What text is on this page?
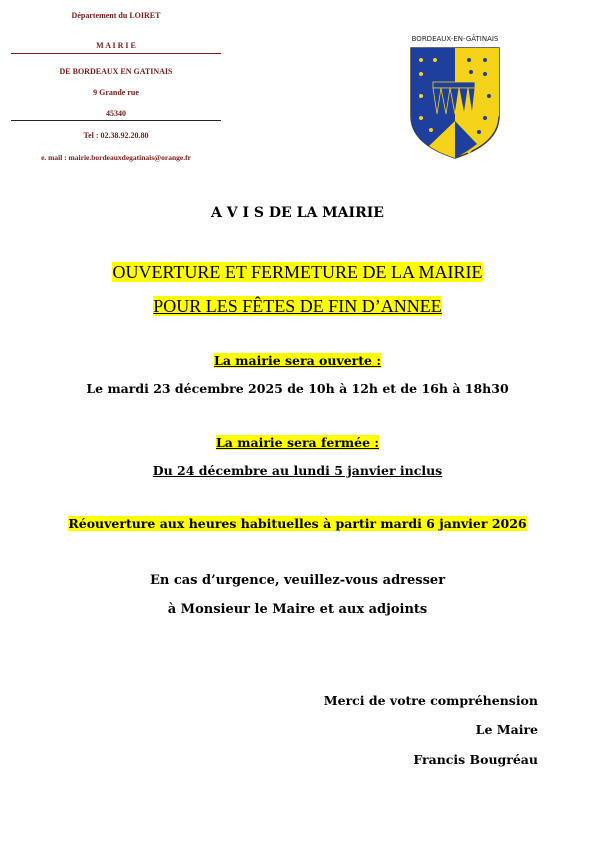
Département du LOIRET
M A I R I E
DE BORDEAUX EN GATINAIS
9 Grande rue
45340
Tel : 02.38.92.20.80
e. mail : mairie.bordeauxdegatinais@orange.fr
BORDEAUX-EN-GÂTINAIS
A V I S DE LA MAIRIE
OUVERTURE ET FERMETURE DE LA MAIRIE
POUR LES FÊTES DE FIN D’ANNEE
La mairie sera ouverte :
Le mardi 23 décembre 2025 de 10h à 12h et de 16h à 18h30
La mairie sera fermée :
Du 24 décembre au lundi 5 janvier inclus
Réouverture aux heures habituelles à partir mardi 6 janvier 2026
En cas d’urgence, veuillez-vous adresser
à Monsieur le Maire et aux adjoints
Merci de votre compréhension
Le Maire
Francis Bougréau
